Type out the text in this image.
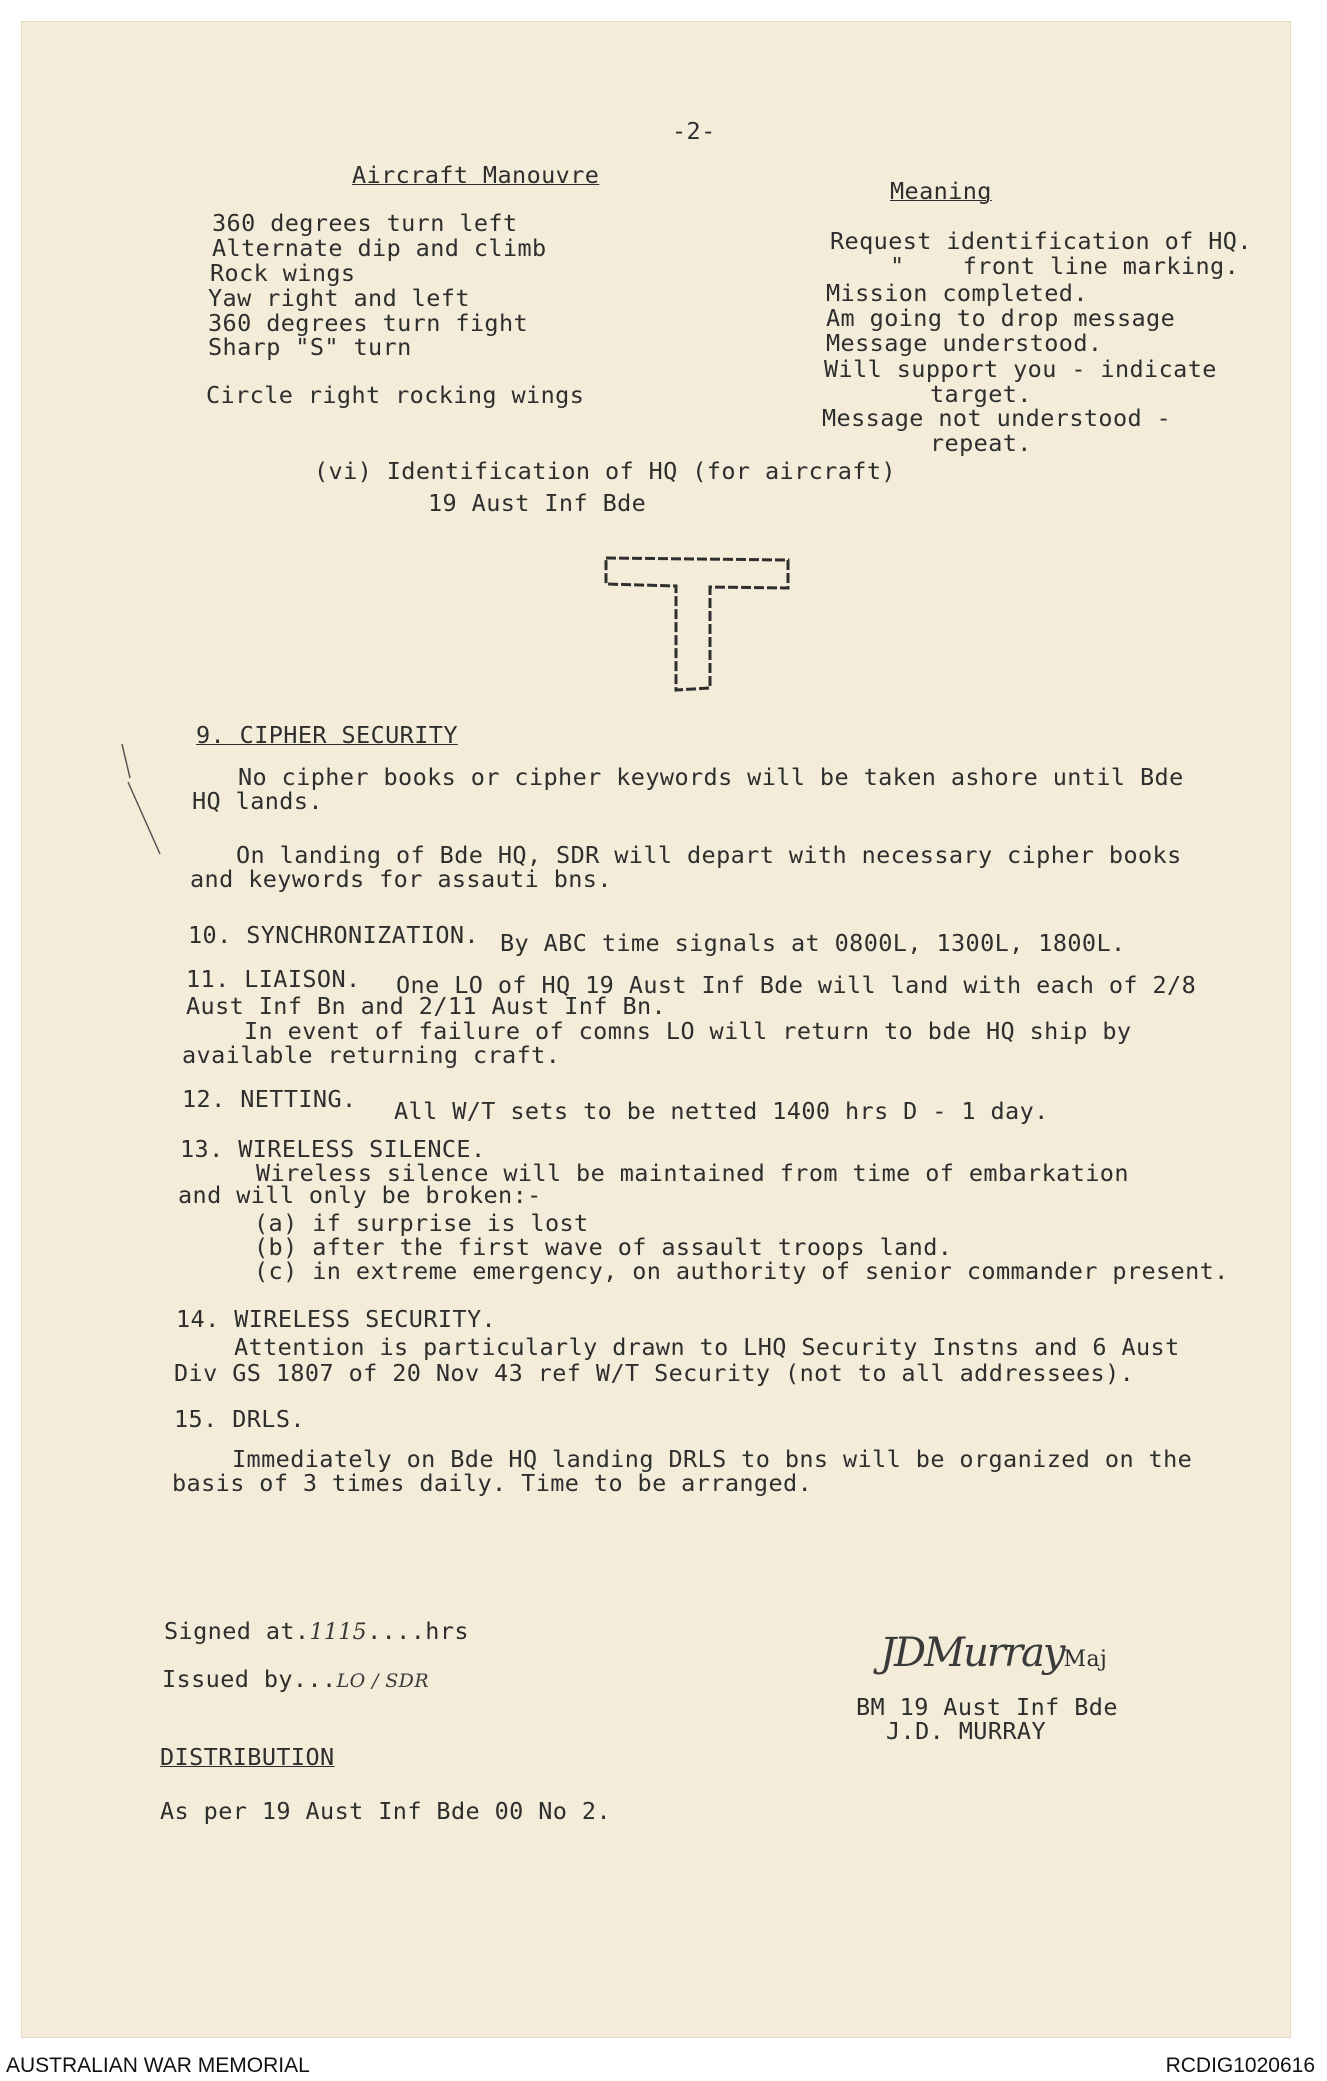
-2-
Aircraft Manouvre
Meaning
360 degrees turn left
Alternate dip and climb
Rock wings
Yaw right and left
360 degrees turn fight
Sharp "S" turn
Circle right rocking wings
Request identification of HQ.
"    front line marking.
Mission completed.
Am going to drop message
Message understood.
Will support you - indicate
target.
Message not understood -
repeat.
(vi) Identification of HQ (for aircraft)
19 Aust Inf Bde
9. CIPHER SECURITY
No cipher books or cipher keywords will be taken ashore until Bde
HQ lands.
On landing of Bde HQ, SDR will depart with necessary cipher books
and keywords for assauti bns.
10. SYNCHRONIZATION. By ABC time signals at 0800L, 1300L, 1800L.
11. LIAISON. One LO of HQ 19 Aust Inf Bde will land with each of 2/8
Aust Inf Bn and 2/11 Aust Inf Bn.
In event of failure of comns LO will return to bde HQ ship by
available returning craft.
12. NETTING. All W/T sets to be netted 1400 hrs D - 1 day.
13. WIRELESS SILENCE.
Wireless silence will be maintained from time of embarkation
and will only be broken:-
(a) if surprise is lost
(b) after the first wave of assault troops land.
(c) in extreme emergency, on authority of senior commander present.
14. WIRELESS SECURITY.
Attention is particularly drawn to LHQ Security Instns and 6 Aust
Div GS 1807 of 20 Nov 43 ref W/T Security (not to all addressees).
15. DRLS.
Immediately on Bde HQ landing DRLS to bns will be organized on the
basis of 3 times daily. Time to be arranged.
Signed at.1115....hrs
Issued by...LO / SDR
JDMurrayMaj
BM 19 Aust Inf Bde
J.D. MURRAY
DISTRIBUTION
As per 19 Aust Inf Bde 00 No 2.
AUSTRALIAN WAR MEMORIAL	RCDIG1020616
